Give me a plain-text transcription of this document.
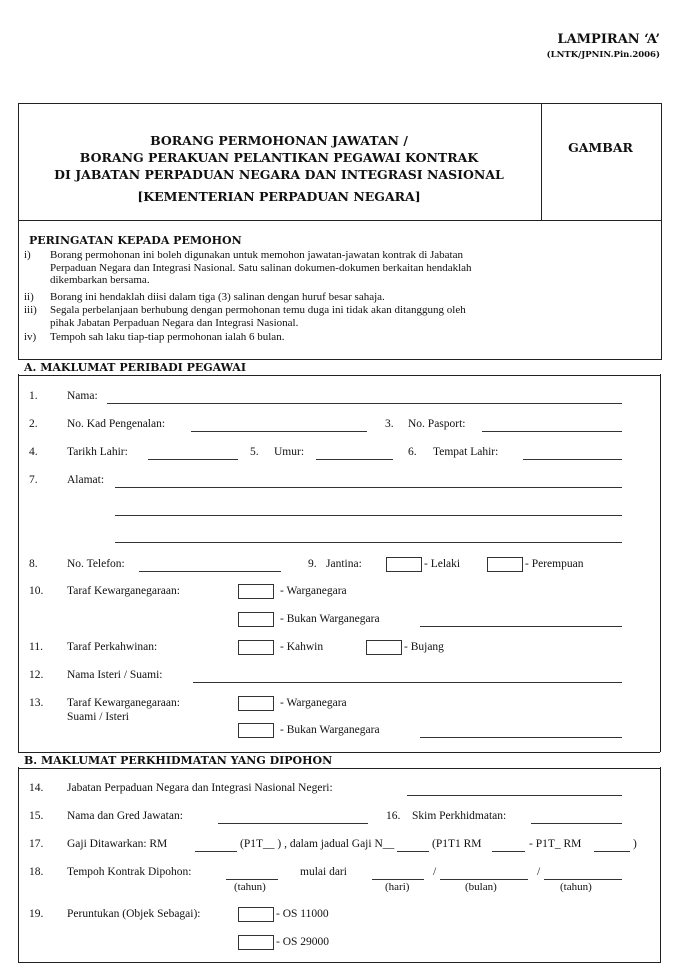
LAMPIRAN ‘A’
(LNTK/JPNIN.Pin.2006)
BORANG PERMOHONAN JAWATAN /
BORANG PERAKUAN PELANTIKAN PEGAWAI KONTRAK
DI JABATAN PERPADUAN NEGARA DAN INTEGRASI NASIONAL
[KEMENTERIAN PERPADUAN NEGARA]
GAMBAR
PERINGATAN KEPADA PEMOHON
i) Borang permohonan ini boleh digunakan untuk memohon jawatan-jawatan kontrak di Jabatan
Perpaduan Negara dan Integrasi Nasional. Satu salinan dokumen-dokumen berkaitan hendaklah
dikembarkan bersama.
ii) Borang ini hendaklah diisi dalam tiga (3) salinan dengan huruf besar sahaja.
iii) Segala perbelanjaan berhubung dengan permohonan temu duga ini tidak akan ditanggung oleh
pihak Jabatan Perpaduan Negara dan Integrasi Nasional.
iv) Tempoh sah laku tiap-tiap permohonan ialah 6 bulan.
A. MAKLUMAT PERIBADI PEGAWAI
1.	Nama:
2.	No. Kad Pengenalan:	3. No. Pasport:
4.	Tarikh Lahir:	5. Umur:	6. Tempat Lahir:
7.	Alamat:
8.	No. Telefon:	9. Jantina:	- Lelaki	- Perempuan
10. Taraf Kewarganegaraan:	- Warganegara
- Bukan Warganegara
11. Taraf Perkahwinan:	- Kahwin	- Bujang
12. Nama Isteri / Suami:
13. Taraf Kewarganegaraan:
Suami / Isteri
- Warganegara
- Bukan Warganegara
B. MAKLUMAT PERKHIDMATAN YANG DIPOHON
14. Jabatan Perpaduan Negara dan Integrasi Nasional Negeri:
15. Nama dan Gred Jawatan:	16. Skim Perkhidmatan:
17. Gaji Ditawarkan: RM	(P1T__ ) , dalam jadual Gaji N__	(P1T1 RM	- P1T_ RM	)
18. Tempoh Kontrak Dipohon:
(tahun)
mulai dari
(hari)
/
(bulan)
/
(tahun)
19. Peruntukan (Objek Sebagai):	- OS 11000
- OS 29000
